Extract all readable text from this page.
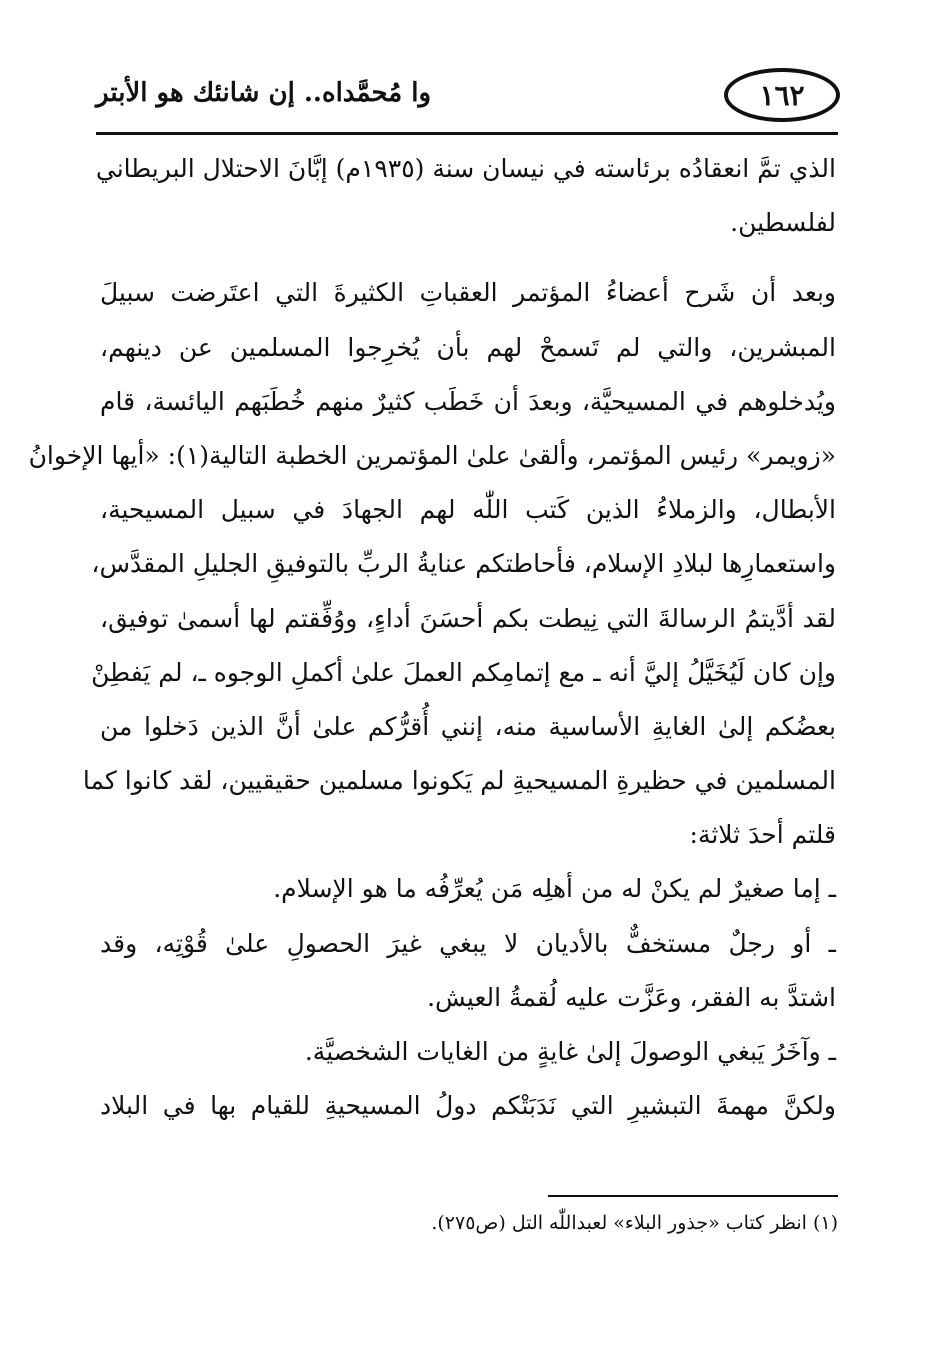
١٦٢
وا مُحمَّداه.. إن شانئك هو الأبتر
الذي تمَّ انعقادُه برئاسته في نيسان سنة (١٩٣٥م) إبَّانَ الاحتلال البريطاني
لفلسطين.
وبعد أن شَرح أعضاءُ المؤتمر العقباتِ الكثيرةَ التي اعتَرضت سبيلَ
المبشرين، والتي لم تَسمحْ لهم بأن يُخرِجوا المسلمين عن دينهم،
ويُدخلوهم في المسيحيَّة، وبعدَ أن خَطَب كثيرٌ منهم خُطَبَهم اليائسة، قام
«زويمر» رئيس المؤتمر، وألقىٰ علىٰ المؤتمرين الخطبة التالية(١): «أيها الإخوانُ
الأبطال، والزملاءُ الذين كَتب اللّٰه لهم الجهادَ في سبيل المسيحية،
واستعمارِها لبلادِ الإسلام، فأحاطتكم عنايةُ الربِّ بالتوفيقِ الجليلِ المقدَّس،
لقد أدَّيتمُ الرسالةَ التي نِيطت بكم أحسَنَ أداءٍ، ووُفِّقتم لها أسمىٰ توفيق،
وإن كان لَيُخَيَّلُ إليَّ أنه ـ مع إتمامِكم العملَ علىٰ أكملِ الوجوه ـ، لم يَفطِنْ
بعضُكم إلىٰ الغايةِ الأساسية منه، إنني أُقرُّكم علىٰ أنَّ الذين دَخلوا من
المسلمين في حظيرةِ المسيحيةِ لم يَكونوا مسلمين حقيقيين، لقد كانوا كما
قلتم أحدَ ثلاثة:
ـ إما صغيرٌ لم يكنْ له من أهلِه مَن يُعرِّفُه ما هو الإسلام.
ـ أو رجلٌ مستخفٌّ بالأديان لا يبغي غيرَ الحصولِ علىٰ قُوْتِه، وقد
اشتدَّ به الفقر، وعَزَّت عليه لُقمةُ العيش.
ـ وآخَرُ يَبغي الوصولَ إلىٰ غايةٍ من الغايات الشخصيَّة.
ولكنَّ مهمةَ التبشيرِ التي نَدَبَتْكم دولُ المسيحيةِ للقيام بها في البلاد
(١) انظر كتاب «جذور البلاء» لعبداللّٰه التل (ص٢٧٥).
